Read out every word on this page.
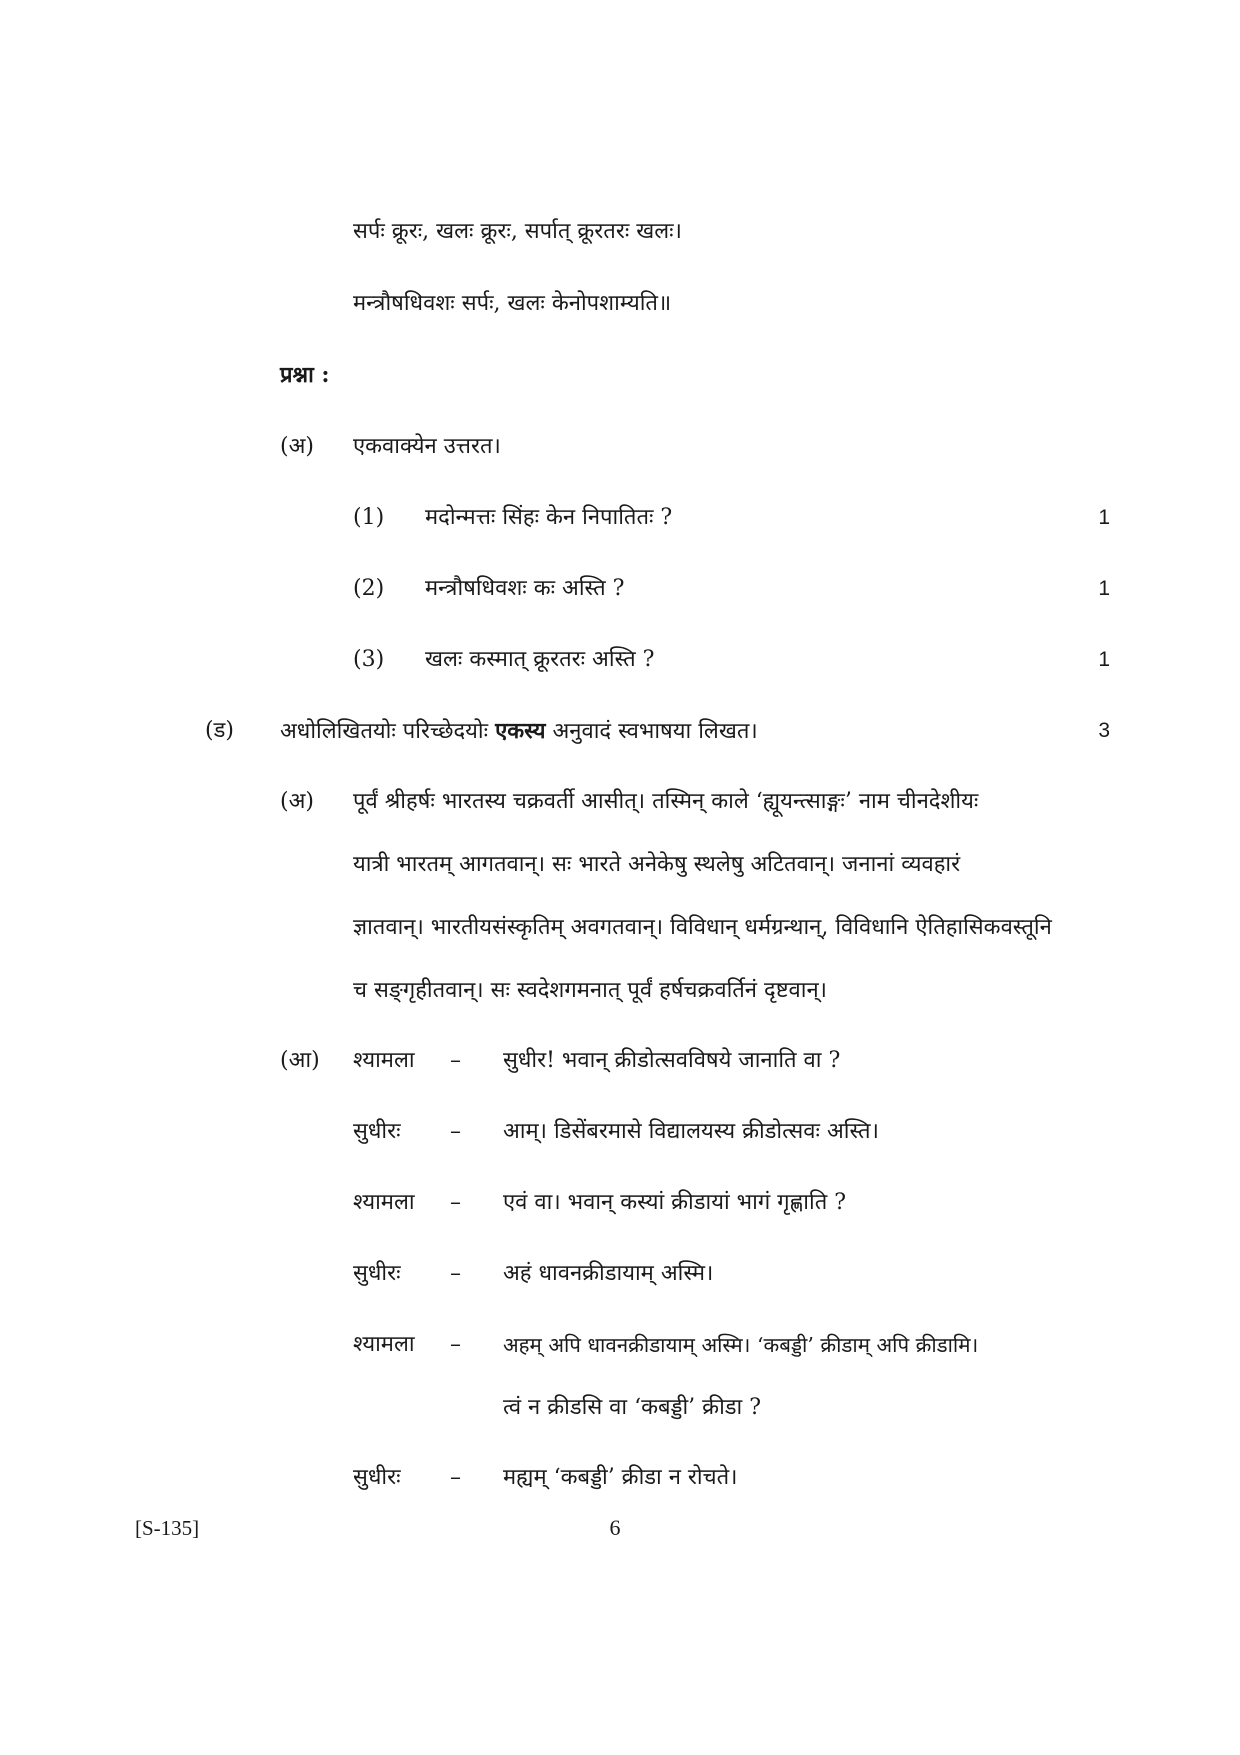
सर्पः क्रूरः, खलः क्रूरः, सर्पात् क्रूरतरः खलः।
मन्त्रौषधिवशः सर्पः, खलः केनोपशाम्यति॥
प्रश्ना :
(अ) एकवाक्येन उत्तरत।
(1) मदोन्मत्तः सिंहः केन निपातितः ?	1
(2) मन्त्रौषधिवशः कः अस्ति ?	1
(3) खलः कस्मात् क्रूरतरः अस्ति ?	1
(ड) अधोलिखितयोः परिच्छेदयोः एकस्य अनुवादं स्वभाषया लिखत।	3
(अ) पूर्वं श्रीहर्षः भारतस्य चक्रवर्ती आसीत्। तस्मिन् काले ‘ह्यूयन्त्साङ्गः’ नाम चीनदेशीयः
यात्री भारतम् आगतवान्। सः भारते अनेकेषु स्थलेषु अटितवान्। जनानां व्यवहारं
ज्ञातवान्। भारतीयसंस्कृतिम् अवगतवान्। विविधान् धर्मग्रन्थान्, विविधानि ऐतिहासिकवस्तूनि
च सङ्गृहीतवान्। सः स्वदेशगमनात् पूर्वं हर्षचक्रवर्तिनं दृष्टवान्।
(आ) श्यामला – सुधीर! भवान् क्रीडोत्सवविषये जानाति वा ?
सुधीरः – आम्। डिसेंबरमासे विद्यालयस्य क्रीडोत्सवः अस्ति।
श्यामला – एवं वा। भवान् कस्यां क्रीडायां भागं गृह्णाति ?
सुधीरः – अहं धावनक्रीडायाम् अस्मि।
श्यामला – अहम् अपि धावनक्रीडायाम् अस्मि। ‘कबड्डी’ क्रीडाम् अपि क्रीडामि।
त्वं न क्रीडसि वा ‘कबड्डी’ क्रीडा ?
सुधीरः – मह्यम् ‘कबड्डी’ क्रीडा न रोचते।
[S-135]	6
